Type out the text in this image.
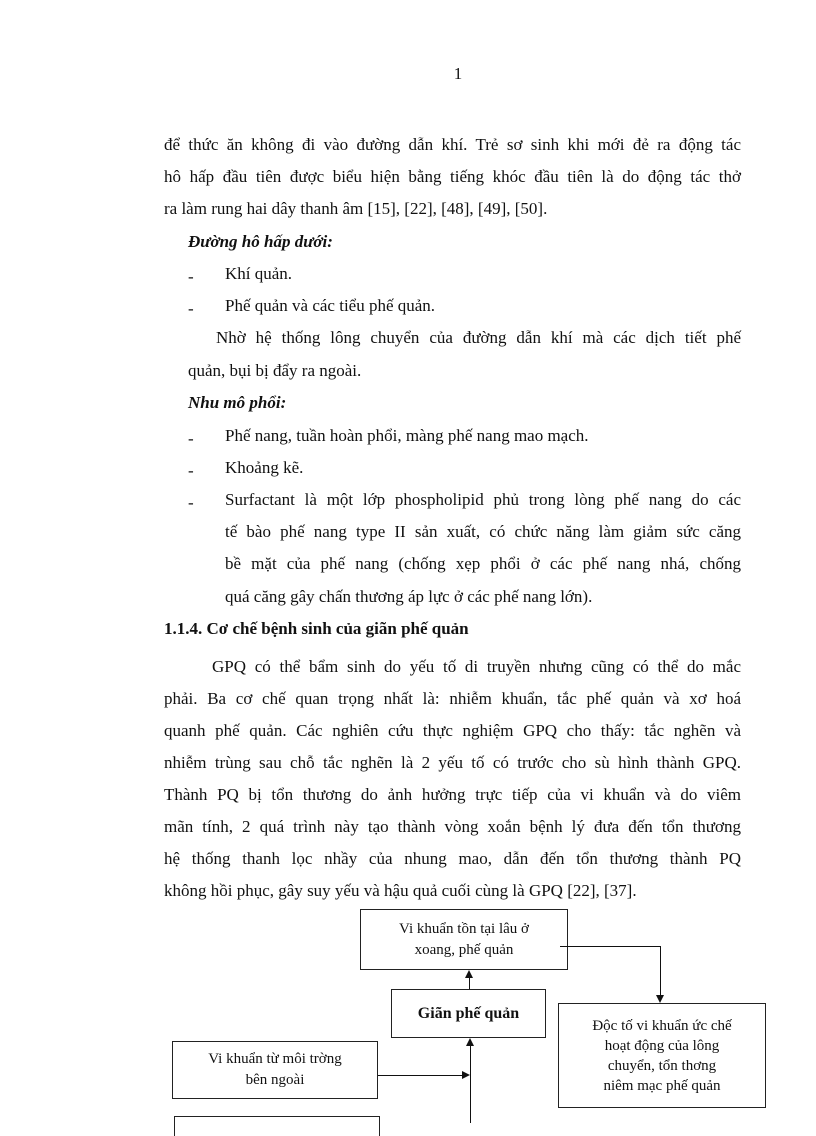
1
để thức ăn không đi vào đường dẫn khí. Trẻ sơ sinh khi mới đẻ ra động tác
hô hấp đầu tiên được biểu hiện bằng tiếng khóc đầu tiên là do động tác thở
ra làm rung hai dây thanh âm [15], [22], [48], [49], [50].
Đường hô hấp dưới:
- Khí quản.
- Phế quản và các tiểu phế quản.
Nhờ hệ thống lông chuyển của đường dẫn khí mà các dịch tiết phế
quản, bụi bị đẩy ra ngoài.
Nhu mô phổi:
- Phế nang, tuần hoàn phổi, màng phế nang mao mạch.
- Khoảng kẽ.
- Surfactant là một lớp phospholipid phủ trong lòng phế nang do các
tế bào phế nang type II sản xuất, có chức năng làm giảm sức căng
bề mặt của phế nang (chống xẹp phổi ở các phế nang nhá, chống
quá căng gây chấn thương áp lực ở các phế nang lớn).
1.1.4. Cơ chế bệnh sinh của giãn phế quản
GPQ có thể bẩm sinh do yếu tố di truyền nhưng cũng có thể do mắc
phải. Ba cơ chế quan trọng nhất là: nhiễm khuẩn, tắc phế quản và xơ hoá
quanh phế quản. Các nghiên cứu thực nghiệm GPQ cho thấy: tắc nghẽn và
nhiễm trùng sau chỗ tắc nghẽn là 2 yếu tố có trước cho sù hình thành GPQ.
Thành PQ bị tổn thương do ảnh hưởng trực tiếp của vi khuẩn và do viêm
mãn tính, 2 quá trình này tạo thành vòng xoắn bệnh lý đưa đến tổn thương
hệ thống thanh lọc nhầy của nhung mao, dẫn đến tổn thương thành PQ
không hồi phục, gây suy yếu và hậu quả cuối cùng là GPQ [22], [37].
Vi khuẩn tồn tại lâu ở
xoang, phế quản
Giãn phế quản
Độc tố vi khuẩn ức chế
hoạt động của lông
chuyển, tổn thơng
niêm mạc phế quản
Vi khuẩn từ môi trờng
bên ngoài
